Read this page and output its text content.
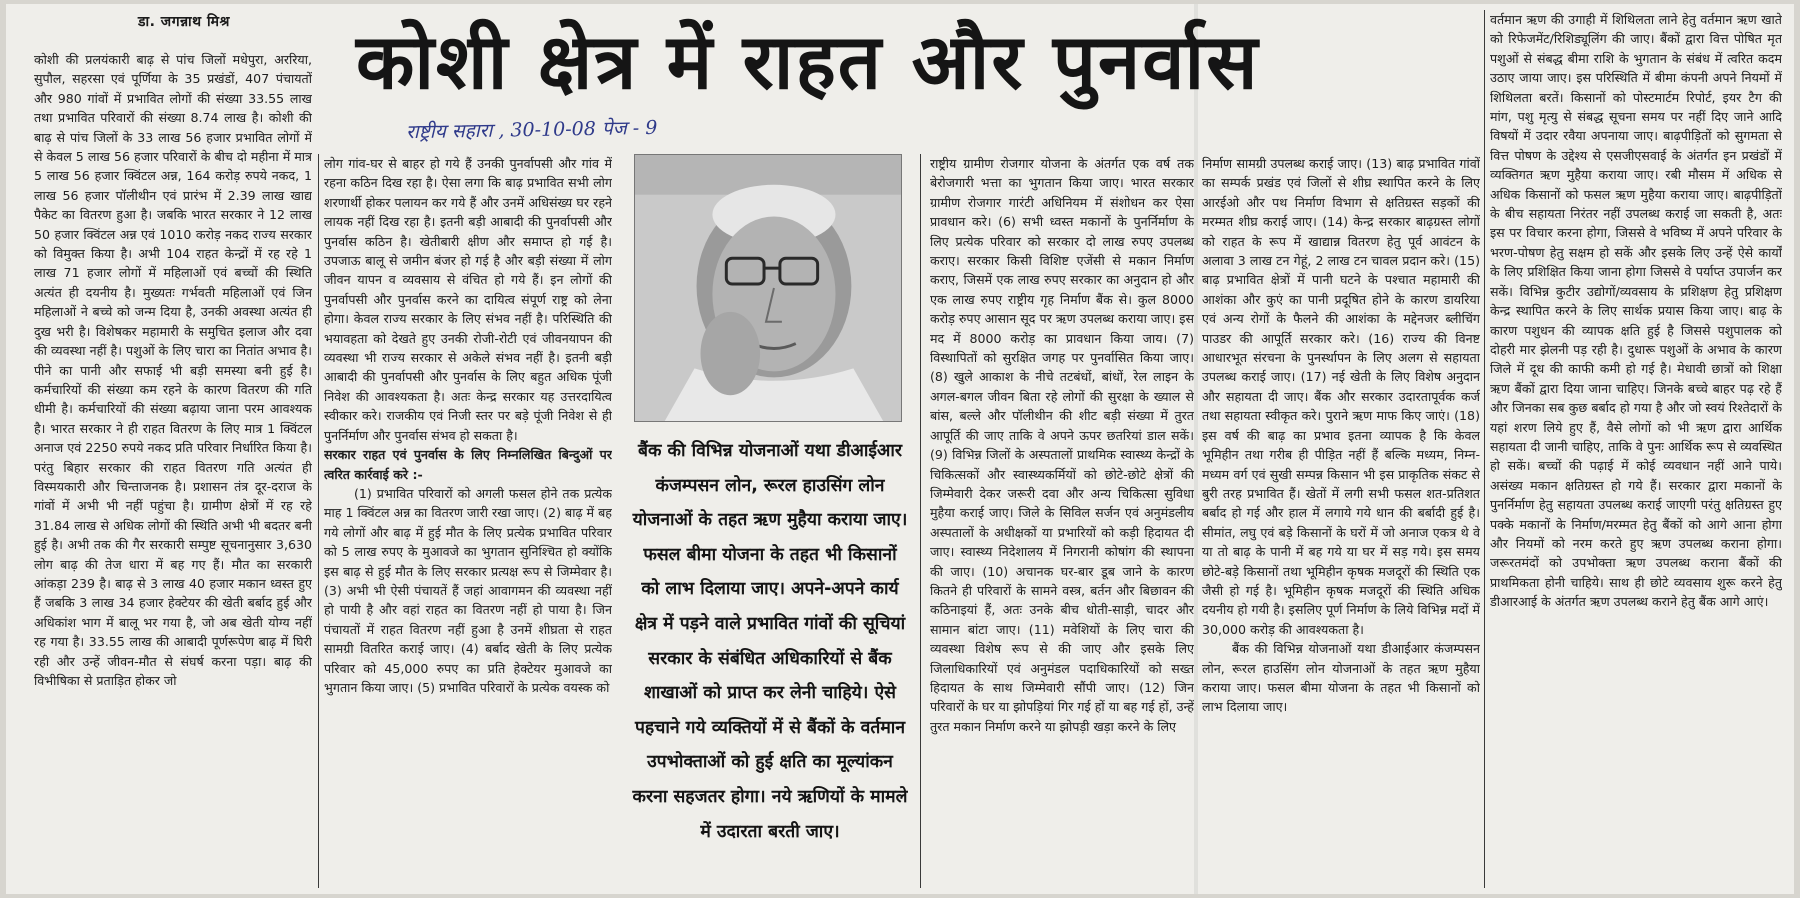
डा. जगन्नाथ मिश्र कोशी क्षेत्र में राहत और पुनर्वास
राष्ट्रीय सहारा , 30-10-08 पेज - 9

कोशी की प्रलयंकारी बाढ़ से पांच जिलों मधेपुरा, अररिया, सुपौल, सहरसा एवं पूर्णिया के 35 प्रखंडों, 407 पंचायतों और 980 गांवों में प्रभावित लोगों की संख्या 33.55 लाख तथा प्रभावित परिवारों की संख्या 8.74 लाख है। कोशी की बाढ़ से पांच जिलों के 33 लाख 56 हजार प्रभावित लोगों में से केवल 5 लाख 56 हजार परिवारों के बीच दो महीना में मात्र 5 लाख 56 हजार क्विंटल अन्न, 164 करोड़ रुपये नकद, 1 लाख 56 हजार पॉलीथीन एवं प्रारंभ में 2.39 लाख खाद्य पैकेट का वितरण हुआ है। जबकि भारत सरकार ने 12 लाख 50 हजार क्विंटल अन्न एवं 1010 करोड़ नकद राज्य सरकार को विमुक्त किया है। अभी 104 राहत केन्द्रों में रह रहे 1 लाख 71 हजार लोगों में महिलाओं एवं बच्चों की स्थिति अत्यंत ही दयनीय है। मुख्यतः गर्भवती महिलाओं एवं जिन महिलाओं ने बच्चे को जन्म दिया है, उनकी अवस्था अत्यंत ही दुख भरी है। विशेषकर महामारी के समुचित इलाज और दवा की व्यवस्था नहीं है। पशुओं के लिए चारा का नितांत अभाव है। पीने का पानी और सफाई भी बड़ी समस्या बनी हुई है। कर्मचारियों की संख्या कम रहने के कारण वितरण की गति धीमी है। कर्मचारियों की संख्या बढ़ाया जाना परम आवश्यक है। भारत सरकार ने ही राहत वितरण के लिए मात्र 1 क्विंटल अनाज एवं 2250 रुपये नकद प्रति परिवार निर्धारित किया है। परंतु बिहार सरकार की राहत वितरण गति अत्यंत ही विस्मयकारी और चिन्ताजनक है। प्रशासन तंत्र दूर-दराज के गांवों में अभी भी नहीं पहुंचा है। ग्रामीण क्षेत्रों में रह रहे 31.84 लाख से अधिक लोगों की स्थिति अभी भी बदतर बनी हुई है। अभी तक की गैर सरकारी सम्पुष्ट सूचनानुसार 3,630 लोग बाढ़ की तेज धारा में बह गए हैं। मौत का सरकारी आंकड़ा 239 है। बाढ़ से 3 लाख 40 हजार मकान ध्वस्त हुए हैं जबकि 3 लाख 34 हजार हेक्टेयर की खेती बर्बाद हुई और अधिकांश भाग में बालू भर गया है, जो अब खेती योग्य नहीं रह गया है। 33.55 लाख की आबादी पूर्णरूपेण बाढ़ में घिरी रही और उन्हें जीवन-मौत से संघर्ष करना पड़ा। बाढ़ की विभीषिका से प्रताड़ित होकर जो

लोग गांव-घर से बाहर हो गये हैं उनकी पुनर्वापसी और गांव में रहना कठिन दिख रहा है। ऐसा लगा कि बाढ़ प्रभावित सभी लोग शरणार्थी होकर पलायन कर गये हैं और उनमें अधिसंख्य घर रहने लायक नहीं दिख रहा है। इतनी बड़ी आबादी की पुनर्वापसी और पुनर्वास कठिन है। खेतीबारी क्षीण और समाप्त हो गई है। उपजाऊ बालू से जमीन बंजर हो गई है और बड़ी संख्या में लोग जीवन यापन व व्यवसाय से वंचित हो गये हैं। इन लोगों की पुनर्वापसी और पुनर्वास करने का दायित्व संपूर्ण राष्ट्र को लेना होगा। केवल राज्य सरकार के लिए संभव नहीं है। परिस्थिति की भयावहता को देखते हुए उनकी रोजी-रोटी एवं जीवनयापन की व्यवस्था भी राज्य सरकार से अकेले संभव नहीं है। इतनी बड़ी आबादी की पुनर्वापसी और पुनर्वास के लिए बहुत अधिक पूंजी निवेश की आवश्यकता है। अतः केन्द्र सरकार यह उत्तरदायित्व स्वीकार करे। राजकीय एवं निजी स्तर पर बड़े पूंजी निवेश से ही पुनर्निर्माण और पुनर्वास संभव हो सकता है।

सरकार राहत एवं पुनर्वास के लिए निम्नलिखित बिन्दुओं पर त्वरित कार्रवाई करे :-

(1) प्रभावित परिवारों को अगली फसल होने तक प्रत्येक माह 1 क्विंटल अन्न का वितरण जारी रखा जाए। (2) बाढ़ में बह गये लोगों और बाढ़ में हुई मौत के लिए प्रत्येक प्रभावित परिवार को 5 लाख रुपए के मुआवजे का भुगतान सुनिश्चित हो क्योंकि इस बाढ़ से हुई मौत के लिए सरकार प्रत्यक्ष रूप से जिम्मेवार है। (3) अभी भी ऐसी पंचायतें हैं जहां आवागमन की व्यवस्था नहीं हो पायी है और वहां राहत का वितरण नहीं हो पाया है। जिन पंचायतों में राहत वितरण नहीं हुआ है उनमें शीघ्रता से राहत सामग्री वितरित कराई जाए। (4) बर्बाद खेती के लिए प्रत्येक परिवार को 45,000 रुपए का प्रति हेक्टेयर मुआवजे का भुगतान किया जाए। (5) प्रभावित परिवारों के प्रत्येक वयस्क को

बैंक की विभिन्न योजनाओं यथा डीआईआर कंजम्पसन लोन, रूरल हाउसिंग लोन योजनाओं के तहत ऋण मुहैया कराया जाए। फसल बीमा योजना के तहत भी किसानों को लाभ दिलाया जाए। अपने-अपने कार्य क्षेत्र में पड़ने वाले प्रभावित गांवों की सूचियां सरकार के संबंधित अधिकारियों से बैंक शाखाओं को प्राप्त कर लेनी चाहिये। ऐसे पहचाने गये व्यक्तियों में से बैंकों के वर्तमान उपभोक्ताओं को हुई क्षति का मूल्यांकन करना सहजतर होगा। नये ऋणियों के मामले में उदारता बरती जाए।

राष्ट्रीय ग्रामीण रोजगार योजना के अंतर्गत एक वर्ष तक बेरोजगारी भत्ता का भुगतान किया जाए। भारत सरकार ग्रामीण रोजगार गारंटी अधिनियम में संशोधन कर ऐसा प्रावधान करे। (6) सभी ध्वस्त मकानों के पुनर्निर्माण के लिए प्रत्येक परिवार को सरकार दो लाख रुपए उपलब्ध कराए। सरकार किसी विशिष्ट एजेंसी से मकान निर्माण कराए, जिसमें एक लाख रुपए सरकार का अनुदान हो और एक लाख रुपए राष्ट्रीय गृह निर्माण बैंक से। कुल 8000 करोड़ रुपए आसान सूद पर ऋण उपलब्ध कराया जाए। इस मद में 8000 करोड़ का प्रावधान किया जाय। (7) विस्थापितों को सुरक्षित जगह पर पुनर्वासित किया जाए। (8) खुले आकाश के नीचे तटबंधों, बांधों, रेल लाइन के अगल-बगल जीवन बिता रहे लोगों की सुरक्षा के ख्याल से बांस, बल्ले और पॉलीथीन की शीट बड़ी संख्या में तुरत आपूर्ति की जाए ताकि वे अपने ऊपर छतरियां डाल सकें। (9) विभिन्न जिलों के अस्पतालों प्राथमिक स्वास्थ्य केन्द्रों के चिकित्सकों और स्वास्थ्यकर्मियों को छोटे-छोटे क्षेत्रों की जिम्मेवारी देकर जरूरी दवा और अन्य चिकित्सा सुविधा मुहैया कराई जाए। जिले के सिविल सर्जन एवं अनुमंडलीय अस्पतालों के अधीक्षकों या प्रभारियों को कड़ी हिदायत दी जाए। स्वास्थ्य निदेशालय में निगरानी कोषांग की स्थापना की जाए। (10) अचानक घर-बार डूब जाने के कारण कितने ही परिवारों के सामने वस्त्र, बर्तन और बिछावन की कठिनाइयां हैं, अतः उनके बीच धोती-साड़ी, चादर और सामान बांटा जाए। (11) मवेशियों के लिए चारा की व्यवस्था विशेष रूप से की जाए और इसके लिए जिलाधिकारियों एवं अनुमंडल पदाधिकारियों को सख्त हिदायत के साथ जिम्मेवारी सौंपी जाए। (12) जिन परिवारों के घर या झोपड़ियां गिर गई हों या बह गई हों, उन्हें तुरत मकान निर्माण करने या झोपड़ी खड़ा करने के लिए

निर्माण सामग्री उपलब्ध कराई जाए। (13) बाढ़ प्रभावित गांवों का सम्पर्क प्रखंड एवं जिलों से शीघ्र स्थापित करने के लिए आरईओ और पथ निर्माण विभाग से क्षतिग्रस्त सड़कों की मरम्मत शीघ्र कराई जाए। (14) केन्द्र सरकार बाढ़ग्रस्त लोगों को राहत के रूप में खाद्यान्न वितरण हेतु पूर्व आवंटन के अलावा 3 लाख टन गेहूं, 2 लाख टन चावल प्रदान करे। (15) बाढ़ प्रभावित क्षेत्रों में पानी घटने के पश्चात महामारी की आशंका और कुएं का पानी प्रदूषित होने के कारण डायरिया एवं अन्य रोगों के फैलने की आशंका के मद्देनजर ब्लीचिंग पाउडर की आपूर्ति सरकार करे। (16) राज्य की विनष्ट आधारभूत संरचना के पुनर्स्थापन के लिए अलग से सहायता उपलब्ध कराई जाए। (17) नई खेती के लिए विशेष अनुदान और सहायता दी जाए। बैंक और सरकार उदारतापूर्वक कर्ज तथा सहायता स्वीकृत करे। पुराने ऋण माफ किए जाएं। (18) इस वर्ष की बाढ़ का प्रभाव इतना व्यापक है कि केवल भूमिहीन तथा गरीब ही पीड़ित नहीं हैं बल्कि मध्यम, निम्न-मध्यम वर्ग एवं सुखी सम्पन्न किसान भी इस प्राकृतिक संकट से बुरी तरह प्रभावित हैं। खेतों में लगी सभी फसल शत-प्रतिशत बर्बाद हो गई और हाल में लगाये गये धान की बर्बादी हुई है। सीमांत, लघु एवं बड़े किसानों के घरों में जो अनाज एकत्र थे वे या तो बाढ़ के पानी में बह गये या घर में सड़ गये। इस समय छोटे-बड़े किसानों तथा भूमिहीन कृषक मजदूरों की स्थिति एक जैसी हो गई है। भूमिहीन कृषक मजदूरों की स्थिति अधिक दयनीय हो गयी है। इसलिए पूर्ण निर्माण के लिये विभिन्न मदों में 30,000 करोड़ की आवश्यकता है।

बैंक की विभिन्न योजनाओं यथा डीआईआर कंजम्पसन लोन, रूरल हाउसिंग लोन योजनाओं के तहत ऋण मुहैया कराया जाए। फसल बीमा योजना के तहत भी किसानों को लाभ दिलाया जाए।

वर्तमान ऋण की उगाही में शिथिलता लाने हेतु वर्तमान ऋण खाते को रिफेजमेंट/रिशिड्यूलिंग की जाए। बैंकों द्वारा वित्त पोषित मृत पशुओं से संबद्ध बीमा राशि के भुगतान के संबंध में त्वरित कदम उठाए जाया जाए। इस परिस्थिति में बीमा कंपनी अपने नियमों में शिथिलता बरतें। किसानों को पोस्टमार्टम रिपोर्ट, इयर टैग की मांग, पशु मृत्यु से संबद्ध सूचना समय पर नहीं दिए जाने आदि विषयों में उदार रवैया अपनाया जाए। बाढ़पीड़ितों को सुगमता से वित्त पोषण के उद्देश्य से एसजीएसवाई के अंतर्गत इन प्रखंडों में व्यक्तिगत ऋण मुहैया कराया जाए। रबी मौसम में अधिक से अधिक किसानों को फसल ऋण मुहैया कराया जाए। बाढ़पीड़ितों के बीच सहायता निरंतर नहीं उपलब्ध कराई जा सकती है, अतः इस पर विचार करना होगा, जिससे वे भविष्य में अपने परिवार के भरण-पोषण हेतु सक्षम हो सकें और इसके लिए उन्हें ऐसे कार्यों के लिए प्रशिक्षित किया जाना होगा जिससे वे पर्याप्त उपार्जन कर सकें। विभिन्न कुटीर उद्योगों/व्यवसाय के प्रशिक्षण हेतु प्रशिक्षण केन्द्र स्थापित करने के लिए सार्थक प्रयास किया जाए। बाढ़ के कारण पशुधन की व्यापक क्षति हुई है जिससे पशुपालक को दोहरी मार झेलनी पड़ रही है। दुधारू पशुओं के अभाव के कारण जिले में दूध की काफी कमी हो गई है। मेधावी छात्रों को शिक्षा ऋण बैंकों द्वारा दिया जाना चाहिए। जिनके बच्चे बाहर पढ़ रहे हैं और जिनका सब कुछ बर्बाद हो गया है और जो स्वयं रिश्तेदारों के यहां शरण लिये हुए हैं, वैसे लोगों को भी ऋण द्वारा आर्थिक सहायता दी जानी चाहिए, ताकि वे पुनः आर्थिक रूप से व्यवस्थित हो सकें। बच्चों की पढ़ाई में कोई व्यवधान नहीं आने पाये। असंख्य मकान क्षतिग्रस्त हो गये हैं। सरकार द्वारा मकानों के पुनर्निर्माण हेतु सहायता उपलब्ध कराई जाएगी परंतु क्षतिग्रस्त हुए पक्के मकानों के निर्माण/मरम्मत हेतु बैंकों को आगे आना होगा और नियमों को नरम करते हुए ऋण उपलब्ध कराना होगा। जरूरतमंदों को उपभोक्ता ऋण उपलब्ध कराना बैंकों की प्राथमिकता होनी चाहिये। साथ ही छोटे व्यवसाय शुरू करने हेतु डीआरआई के अंतर्गत ऋण उपलब्ध कराने हेतु बैंक आगे आएं।
